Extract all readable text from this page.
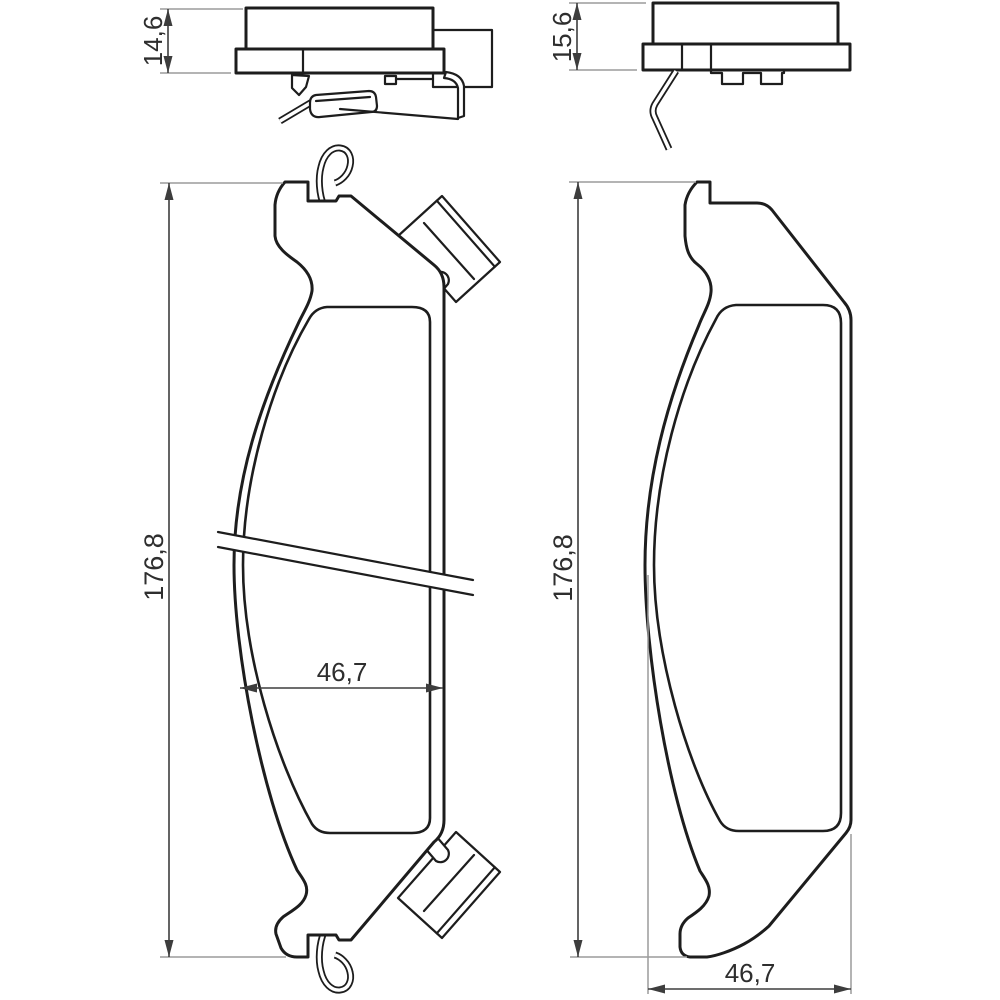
14,6	15,6
176,8
46,7
176,8
46,7
